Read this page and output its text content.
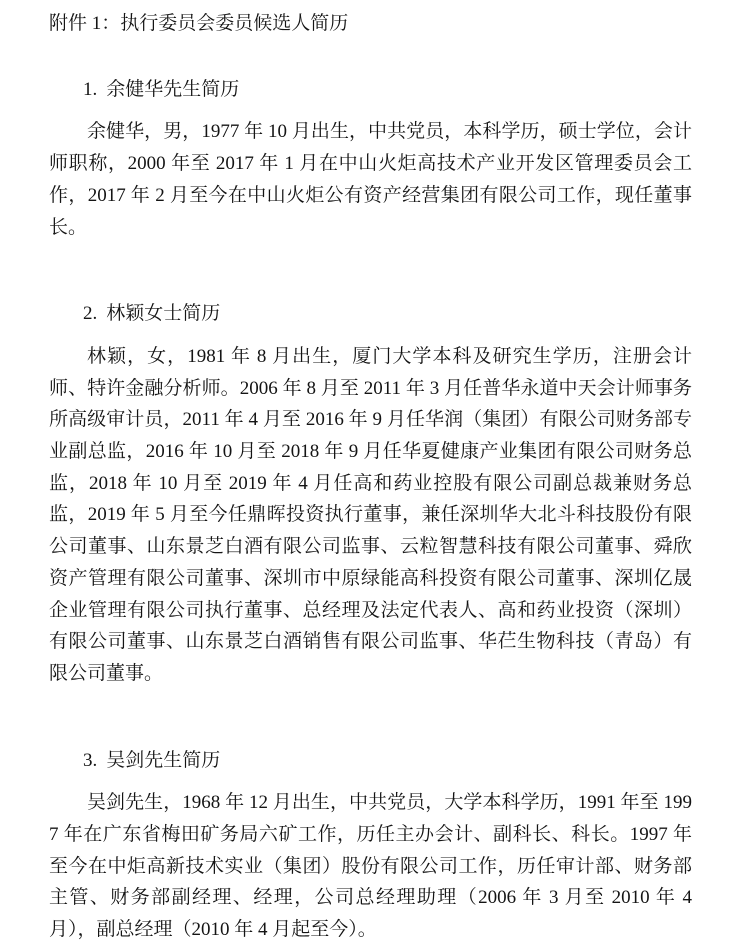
附件 1：执行委员会委员候选人简历

1. 余健华先生简历

余健华，男，1977 年 10 月出生，中共党员，本科学历，硕士学位，会计师职称，2000 年至 2017 年 1 月在中山火炬高技术产业开发区管理委员会工作，2017 年 2 月至今在中山火炬公有资产经营集团有限公司工作，现任董事长。

2. 林颖女士简历

林颖，女，1981 年 8 月出生，厦门大学本科及研究生学历，注册会计师、特许金融分析师。2006 年 8 月至 2011 年 3 月任普华永道中天会计师事务所高级审计员，2011 年 4 月至 2016 年 9 月任华润（集团）有限公司财务部专业副总监，2016 年 10 月至 2018 年 9 月任华夏健康产业集团有限公司财务总监，2018 年 10 月至 2019 年 4 月任高和药业控股有限公司副总裁兼财务总监，2019 年 5 月至今任鼎晖投资执行董事，兼任深圳华大北斗科技股份有限公司董事、山东景芝白酒有限公司监事、云粒智慧科技有限公司董事、舜欣资产管理有限公司董事、深圳市中原绿能高科投资有限公司董事、深圳亿晟企业管理有限公司执行董事、总经理及法定代表人、高和药业投资（深圳）有限公司董事、山东景芝白酒销售有限公司监事、华芢生物科技（青岛）有限公司董事。

3. 吴剑先生简历

吴剑先生，1968 年 12 月出生，中共党员，大学本科学历，1991 年至 1997 年在广东省梅田矿务局六矿工作，历任主办会计、副科长、科长。1997 年至今在中炬高新技术实业（集团）股份有限公司工作，历任审计部、财务部主管、财务部副经理、经理，公司总经理助理（2006 年 3 月至 2010 年 4 月），副总经理（2010 年 4 月起至今）。
